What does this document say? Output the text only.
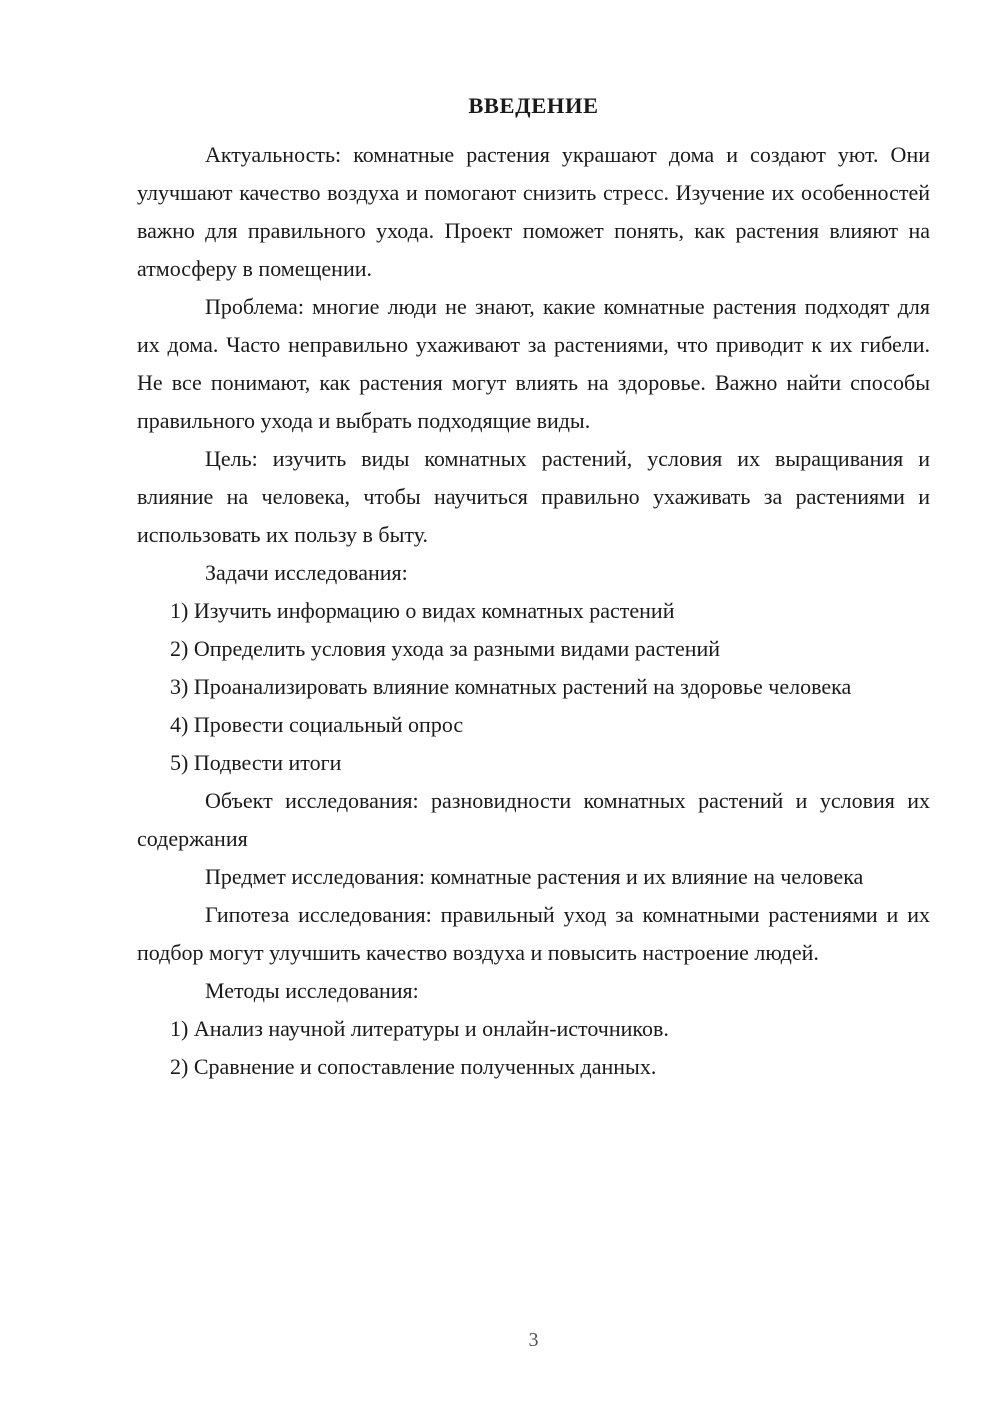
ВВЕДЕНИЕ

Актуальность: комнатные растения украшают дома и создают уют. Они улучшают качество воздуха и помогают снизить стресс. Изучение их особенностей важно для правильного ухода. Проект поможет понять, как растения влияют на атмосферу в помещении.

Проблема: многие люди не знают, какие комнатные растения подходят для их дома. Часто неправильно ухаживают за растениями, что приводит к их гибели. Не все понимают, как растения могут влиять на здоровье. Важно найти способы правильного ухода и выбрать подходящие виды.

Цель: изучить виды комнатных растений, условия их выращивания и влияние на человека, чтобы научиться правильно ухаживать за растениями и использовать их пользу в быту.

Задачи исследования:

1) Изучить информацию о видах комнатных растений

2) Определить условия ухода за разными видами растений

3) Проанализировать влияние комнатных растений на здоровье человека

4) Провести социальный опрос

5) Подвести итоги

Объект исследования: разновидности комнатных растений и условия их содержания

Предмет исследования: комнатные растения и их влияние на человека

Гипотеза исследования: правильный уход за комнатными растениями и их подбор могут улучшить качество воздуха и повысить настроение людей.

Методы исследования:

1) Анализ научной литературы и онлайн-источников.

2) Сравнение и сопоставление полученных данных.

3
